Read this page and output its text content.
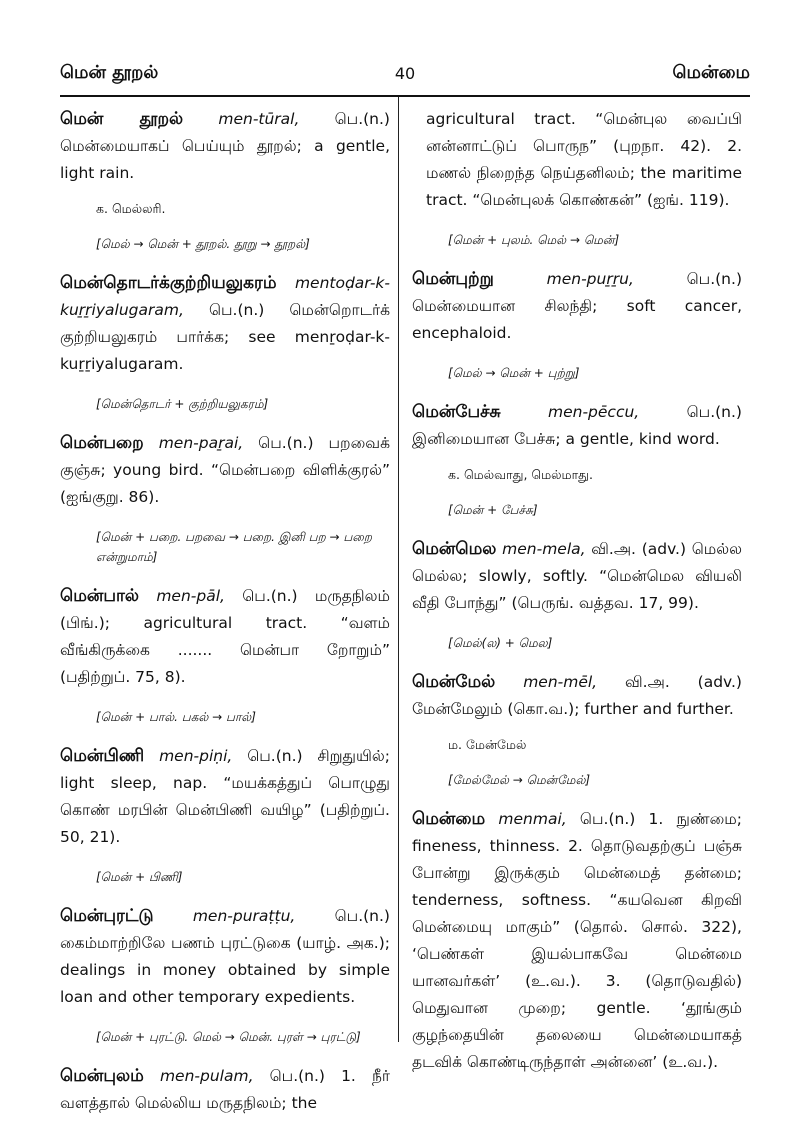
மென் தூறல்	40	மென்மை
மென் தூறல் men-tūral, பெ.(n.) மென்மையாகப் பெய்யும் தூறல்; a gentle, light rain.
க. மெல்லரி.
[மெல் → மென் + தூறல். தூறு → தூறல்]
மென்தொடர்க்குற்றியலுகரம் mentoḍar-k-kuṟṟiyalugaram, பெ.(n.) மென்றொடர்க் குற்றியலுகரம் பார்க்க; see menṟoḍar-k-kuṟṟiyalugaram.
[மென்தொடர் + குற்றியலுகரம்]
மென்பறை men-paṟai, பெ.(n.) பறவைக் குஞ்சு; young bird. “மென்பறை விளிக்குரல்” (ஐங்குறு. 86).
[மென் + பறை. பறவை → பறை. இனி பற → பறை என்றுமாம்]
மென்பால் men-pāl, பெ.(n.) மருதநிலம் (பிங்.); agricultural tract. “வளம் வீங்கிருக்கை ....... மென்பா றோறும்” (பதிற்றுப். 75, 8).
[மென் + பால். பகல் → பால்]
மென்பிணி men-piṇi, பெ.(n.) சிறுதுயில்; light sleep, nap. “மயக்கத்துப் பொழுது கொண் மரபின் மென்பிணி வயிழ” (பதிற்றுப். 50, 21).
[மென் + பிணி]
மென்புரட்டு	men-puraṭṭu, பெ.(n.) கைம்மாற்றிலே பணம் புரட்டுகை (யாழ். அக.); dealings in money obtained by simple loan and other temporary expedients.
[மென் + புரட்டு. மெல் → மென். புரள் → புரட்டு]
மென்புலம் men-pulam, பெ.(n.) 1. நீர் வளத்தால் மெல்லிய மருதநிலம்; the
agricultural tract. “மென்புல வைப்பி னன்னாட்டுப் பொருந” (புறநா. 42). 2. மணல் நிறைந்த நெய்தனிலம்; the maritime tract. “மென்புலக் கொண்கன்” (ஐங். 119).
[மென் + புலம். மெல் → மென்]
மென்புற்று	men-puṟṟu, பெ.(n.) மென்மையான சிலந்தி; soft cancer, encephaloid.
[மெல் → மென் + புற்று]
மென்பேச்சு	men-pēccu, பெ.(n.) இனிமையான பேச்சு; a gentle, kind word.
க. மெல்வாது, மெல்மாது.
[மென் + பேச்சு]
மென்மெல men-mela, வி.அ. (adv.) மெல்ல மெல்ல; slowly, softly. “மென்மெல வியலி வீதி போந்து” (பெருங். வத்தவ. 17, 99).
[மெல்(ல) + மெல]
மென்மேல் men-mēl, வி.அ. (adv.) மேன்மேலும் (கொ.வ.); further and further.
ம. மேன்மேல்
[மேல்மேல் → மென்மேல்]
மென்மை menmai, பெ.(n.) 1. நுண்மை; fineness, thinness. 2. தொடுவதற்குப் பஞ்சு போன்று இருக்கும் மென்மைத் தன்மை; tenderness, softness. “கயவென கிறவி மென்மையு மாகும்” (தொல். சொல். 322), ‘பெண்கள் இயல்பாகவே மென்மை யானவர்கள்’ (உ.வ.). 3. (தொடுவதில்) மெதுவான முறை; gentle. ‘தூங்கும் குழந்தையின் தலையை மென்மையாகத் தடவிக் கொண்டிருந்தாள் அன்னை’ (உ.வ.).
